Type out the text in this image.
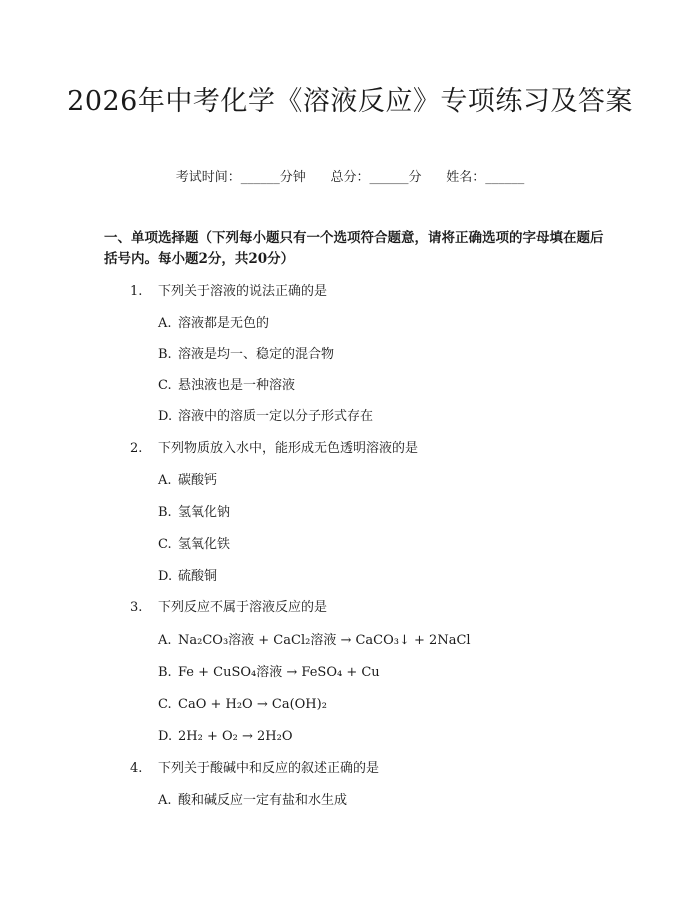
2026年中考化学《溶液反应》专项练习及答案
考试时间：______分钟      总分：______分      姓名：______
一、单项选择题（下列每小题只有一个选项符合题意，请将正确选项的字母填在题后括号内。每小题2分，共20分）
1. 下列关于溶液的说法正确的是
A. 溶液都是无色的
B. 溶液是均一、稳定的混合物
C. 悬浊液也是一种溶液
D. 溶液中的溶质一定以分子形式存在
2. 下列物质放入水中，能形成无色透明溶液的是
A. 碳酸钙
B. 氢氧化钠
C. 氢氧化铁
D. 硫酸铜
3. 下列反应不属于溶液反应的是
A. Na₂CO₃溶液 + CaCl₂溶液 → CaCO₃↓ + 2NaCl
B. Fe + CuSO₄溶液 → FeSO₄ + Cu
C. CaO + H₂O → Ca(OH)₂
D. 2H₂ + O₂ → 2H₂O
4. 下列关于酸碱中和反应的叙述正确的是
A. 酸和碱反应一定有盐和水生成
